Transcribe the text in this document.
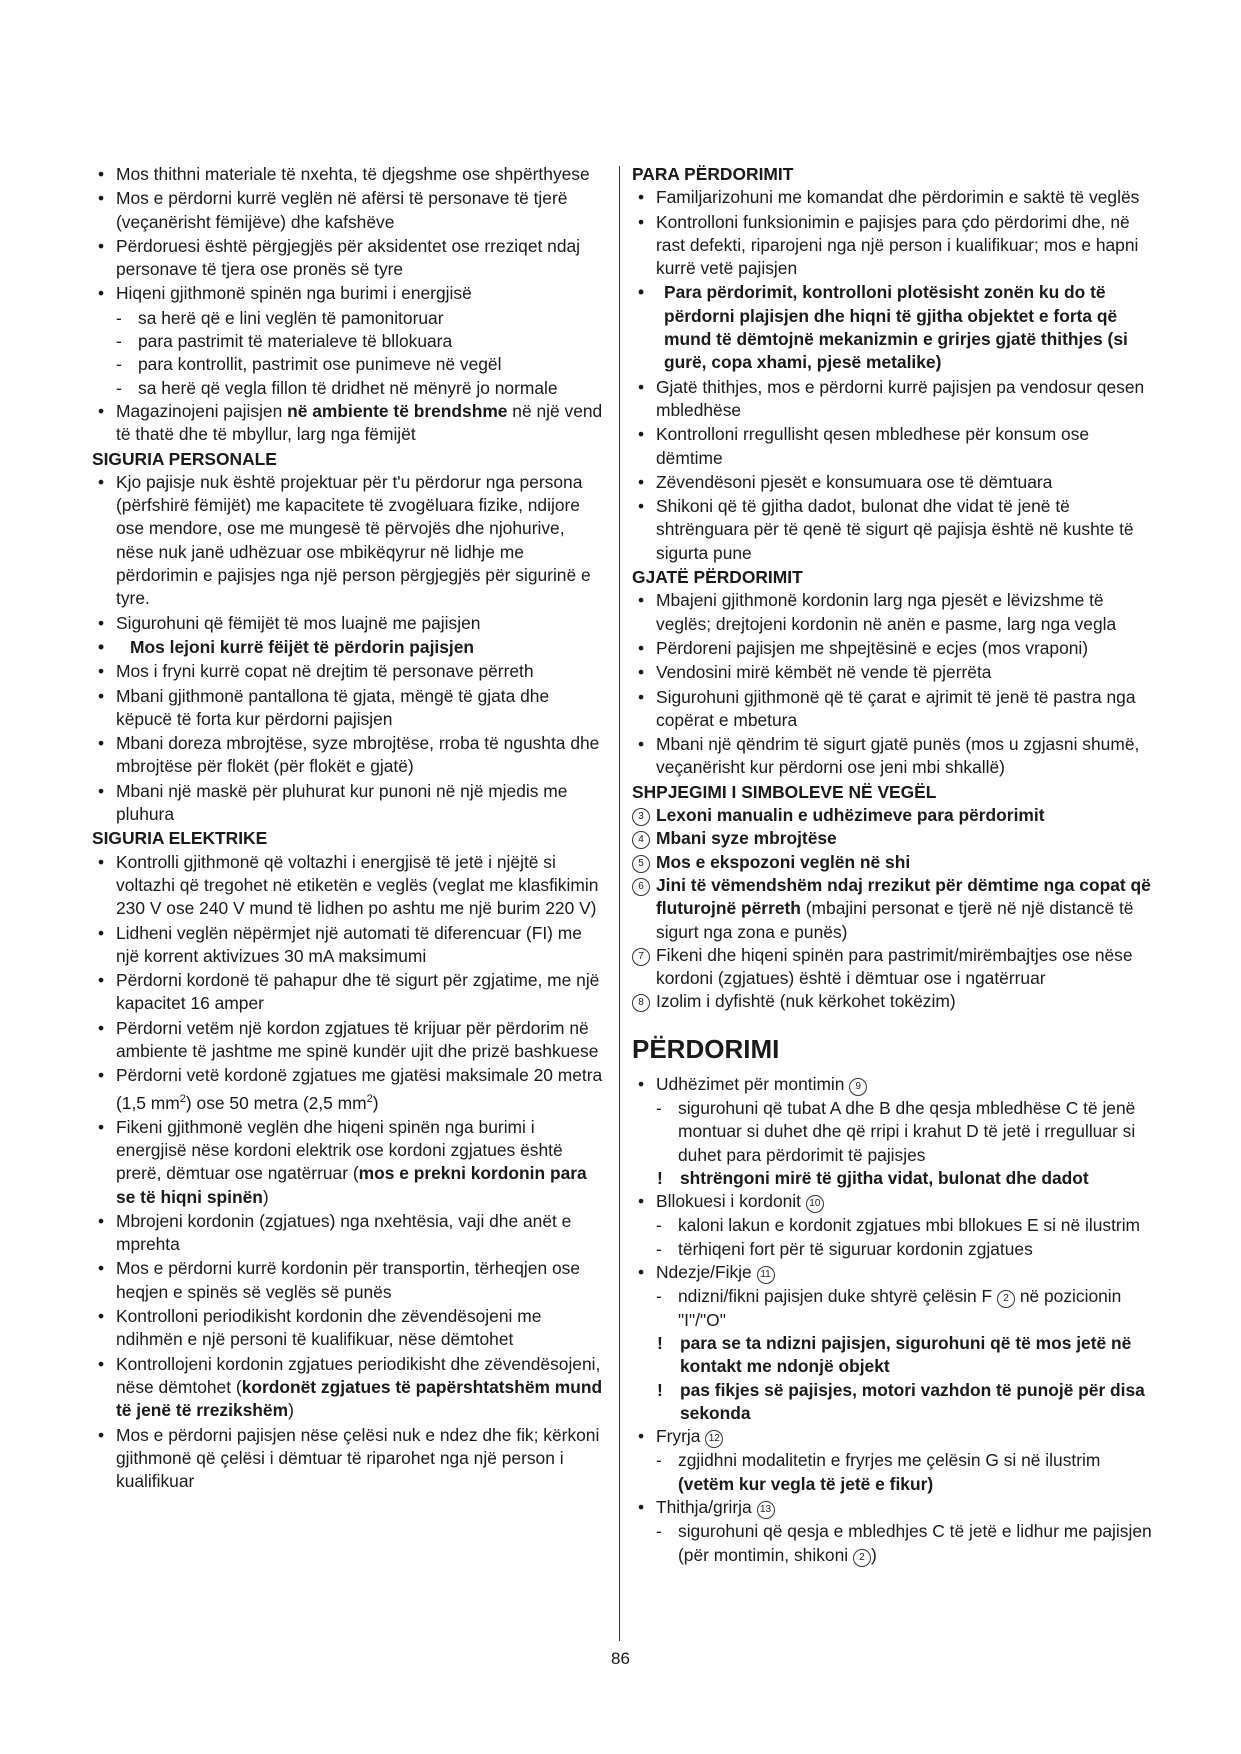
• Mos thithni materiale të nxehta, të djegshme ose shpërthyese

• Mos e përdorni kurrë veglën në afërsi të personave të tjerë (veçanërisht fëmijëve) dhe kafshëve

• Përdoruesi është përgjegjës për aksidentet ose rreziqet ndaj personave të tjera ose pronës së tyre

• Hiqeni gjithmonë spinën nga burimi i energjisë

- sa herë që e lini veglën të pamonitoruar

- para pastrimit të materialeve të bllokuara

- para kontrollit, pastrimit ose punimeve në vegël

- sa herë që vegla fillon të dridhet në mënyrë jo normale

• Magazinojeni pajisjen në ambiente të brendshme në një vend të thatë dhe të mbyllur, larg nga fëmijët

SIGURIA PERSONALE

• Kjo pajisje nuk është projektuar për t'u përdorur nga persona (përfshirë fëmijët) me kapacitete të zvogëluara fizike, ndijore ose mendore, ose me mungesë të përvojës dhe njohurive, nëse nuk janë udhëzuar ose mbikëqyrur në lidhje me përdorimin e pajisjes nga një person përgjegjës për sigurinë e tyre.

• Sigurohuni që fëmijët të mos luajnë me pajisjen

• Mos lejoni kurrë fëijët të përdorin pajisjen

• Mos i fryni kurrë copat në drejtim të personave përreth

• Mbani gjithmonë pantallona të gjata, mëngë të gjata dhe këpucë të forta kur përdorni pajisjen

• Mbani doreza mbrojtëse, syze mbrojtëse, rroba të ngushta dhe mbrojtëse për flokët (për flokët e gjatë)

• Mbani një maskë për pluhurat kur punoni në një mjedis me pluhura

SIGURIA ELEKTRIKE

• Kontrolli gjithmonë që voltazhi i energjisë të jetë i njëjtë si voltazhi që tregohet në etiketën e veglës (veglat me klasfikimin 230 V ose 240 V mund të lidhen po ashtu me një burim 220 V)

• Lidheni veglën nëpërmjet një automati të diferencuar (FI) me një korrent aktivizues 30 mA maksimumi

• Përdorni kordonë të pahapur dhe të sigurt për zgjatime, me një kapacitet 16 amper

• Përdorni vetëm një kordon zgjatues të krijuar për përdorim në ambiente të jashtme me spinë kundër ujit dhe prizë bashkuese

• Përdorni vetë kordonë zgjatues me gjatësi maksimale 20 metra (1,5 $mm^2$) ose 50 metra (2,5 $mm^2$)

• Fikeni gjithmonë veglën dhe hiqeni spinën nga burimi i energjisë nëse kordoni elektrik ose kordoni zgjatues është prerë, dëmtuar ose ngatërruar (mos e prekni kordonin para se të hiqni spinën)

• Mbrojeni kordonin (zgjatues) nga nxehtësia, vaji dhe anët e mprehta

• Mos e përdorni kurrë kordonin për transportin, tërheqjen ose heqjen e spinës së veglës së punës

• Kontrolloni periodikisht kordonin dhe zëvendësojeni me ndihmën e një personi të kualifikuar, nëse dëmtohet

• Kontrollojeni kordonin zgjatues periodikisht dhe zëvendësojeni, nëse dëmtohet (kordonët zgjatues të papërshtatshëm mund të jenë të rrezikshëm)

• Mos e përdorni pajisjen nëse çelësi nuk e ndez dhe fik; kërkoni gjithmonë që çelësi i dëmtuar të riparohet nga një person i kualifikuar

PARA PËRDORIMIT

• Familjarizohuni me komandat dhe përdorimin e saktë të veglës

• Kontrolloni funksionimin e pajisjes para çdo përdorimi dhe, në rast defekti, riparojeni nga një person i kualifikuar; mos e hapni kurrë vetë pajisjen

• Para përdorimit, kontrolloni plotësisht zonën ku do të përdorni plajisjen dhe hiqni të gjitha objektet e forta që mund të dëmtojnë mekanizmin e grirjes gjatë thithjes (si gurë, copa xhami, pjesë metalike)

• Gjatë thithjes, mos e përdorni kurrë pajisjen pa vendosur qesen mbledhëse

• Kontrolloni rregullisht qesen mbledhese për konsum ose dëmtime

• Zëvendësoni pjesët e konsumuara ose të dëmtuara

• Shikoni që të gjitha dadot, bulonat dhe vidat të jenë të shtrënguara për të qenë të sigurt që pajisja është në kushte të sigurta pune

GJATË PËRDORIMIT

• Mbajeni gjithmonë kordonin larg nga pjesët e lëvizshme të veglës; drejtojeni kordonin në anën e pasme, larg nga vegla

• Përdoreni pajisjen me shpejtësinë e ecjes (mos vraponi)

• Vendosini mirë këmbët në vende të pjerrëta

• Sigurohuni gjithmonë që të çarat e ajrimit të jenë të pastra nga copërat e mbetura

• Mbani një qëndrim të sigurt gjatë punës (mos u zgjasni shumë, veçanërisht kur përdorni ose jeni mbi shkallë)

SHPJEGIMI I SIMBOLEVE NË VEGËL

3 Lexoni manualin e udhëzimeve para përdorimit

4 Mbani syze mbrojtëse

5 Mos e ekspozoni veglën në shi

6 Jini të vëmendshëm ndaj rrezikut për dëmtime nga copat që fluturojnë përreth (mbajini personat e tjerë në një distancë të sigurt nga zona e punës)

7 Fikeni dhe hiqeni spinën para pastrimit/mirëmbajtjes ose nëse kordoni (zgjatues) është i dëmtuar ose i ngatërruar

8 Izolim i dyfishtë (nuk kërkohet tokëzim)

PËRDORIMI

• Udhëzimet për montimin 9

- sigurohuni që tubat A dhe B dhe qesja mbledhëse C të jenë montuar si duhet dhe që rripi i krahut D të jetë i rregulluar si duhet para përdorimit të pajisjes

! shtrëngoni mirë të gjitha vidat, bulonat dhe dadot

• Bllokuesi i kordonit 10

- kaloni lakun e kordonit zgjatues mbi bllokues E si në ilustrim

- tërhiqeni fort për të siguruar kordonin zgjatues

• Ndezje/Fikje 11

- ndizni/fikni pajisjen duke shtyrë çelësin F 2 në pozicionin "I"/"O"

! para se ta ndizni pajisjen, sigurohuni që të mos jetë në kontakt me ndonjë objekt

! pas fikjes së pajisjes, motori vazhdon të punojë për disa sekonda

• Fryrja 12

- zgjidhni modalitetin e fryrjes me çelësin G si në ilustrim (vetëm kur vegla të jetë e fikur)

• Thithja/grirja 13

- sigurohuni që qesja e mbledhjes C të jetë e lidhur me pajisjen (për montimin, shikoni 2 )

86
